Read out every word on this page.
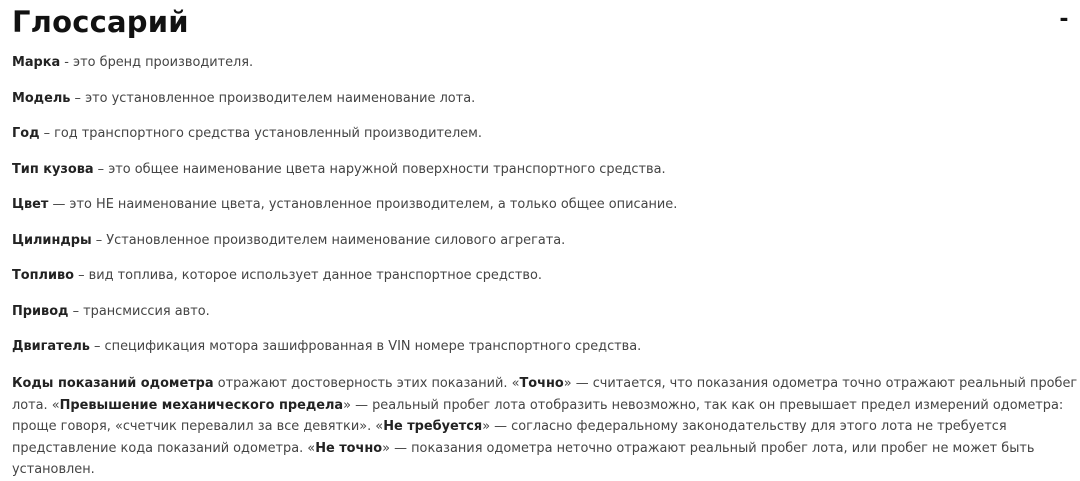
Глоссарий	-
Марка - это бренд производителя.
Модель – это установленное производителем наименование лота.
Год – год транспортного средства установленный производителем.
Тип кузова – это общее наименование цвета наружной поверхности транспортного средства.
Цвет — это НЕ наименование цвета, установленное производителем, а только общее описание.
Цилиндры – Установленное производителем наименование силового агрегата.
Топливо – вид топлива, которое использует данное транспортное средство.
Привод – трансмиссия авто.
Двигатель – спецификация мотора зашифрованная в VIN номере транспортного средства.

Коды показаний одометра отражают достоверность этих показаний. «Точно» — считается, что показания одометра точно отражают реальный пробег лота. «Превышение механического предела» — реальный пробег лота отобразить невозможно, так как он превышает предел измерений одометра: проще говоря, «счетчик перевалил за все девятки». «Не требуется» — согласно федеральному законодательству для этого лота не требуется представление кода показаний одометра. «Не точно» — показания одометра неточно отражают реальный пробег лота, или пробег не может быть установлен.
